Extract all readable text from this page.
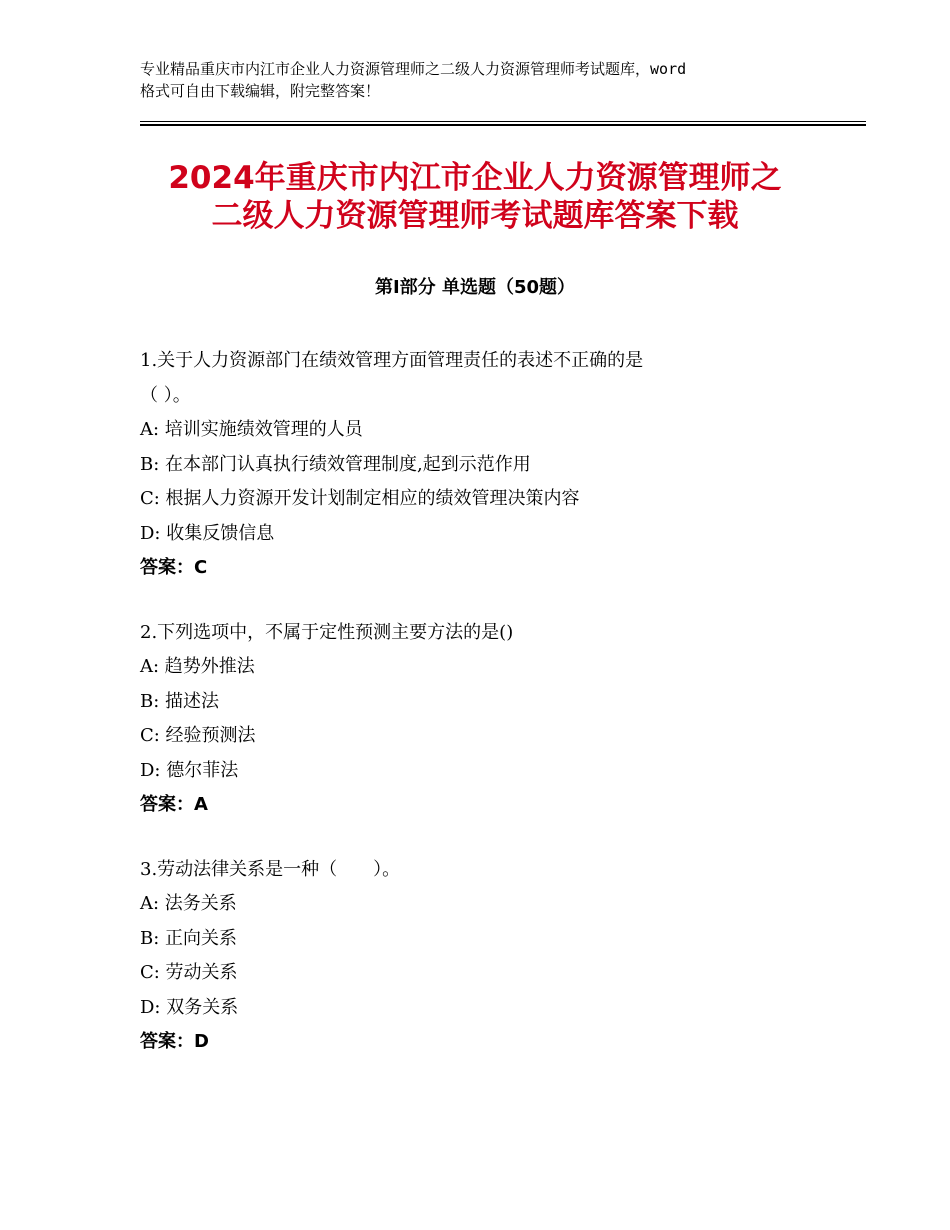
专业精品重庆市内江市企业人力资源管理师之二级人力资源管理师考试题库，word
格式可自由下载编辑，附完整答案！
2024年重庆市内江市企业人力资源管理师之
二级人力资源管理师考试题库答案下载
第Ⅰ部分 单选题（50题）

1.关于人力资源部门在绩效管理方面管理责任的表述不正确的是

（ ）。

A: 培训实施绩效管理的人员

B: 在本部门认真执行绩效管理制度,起到示范作用

C: 根据人力资源开发计划制定相应的绩效管理决策内容

D: 收集反馈信息

答案：C

2.下列选项中，不属于定性预测主要方法的是()

A: 趋势外推法

B: 描述法

C: 经验预测法

D: 德尔菲法

答案：A

3.劳动法律关系是一种（　　）。

A: 法务关系

B: 正向关系

C: 劳动关系

D: 双务关系

答案：D
